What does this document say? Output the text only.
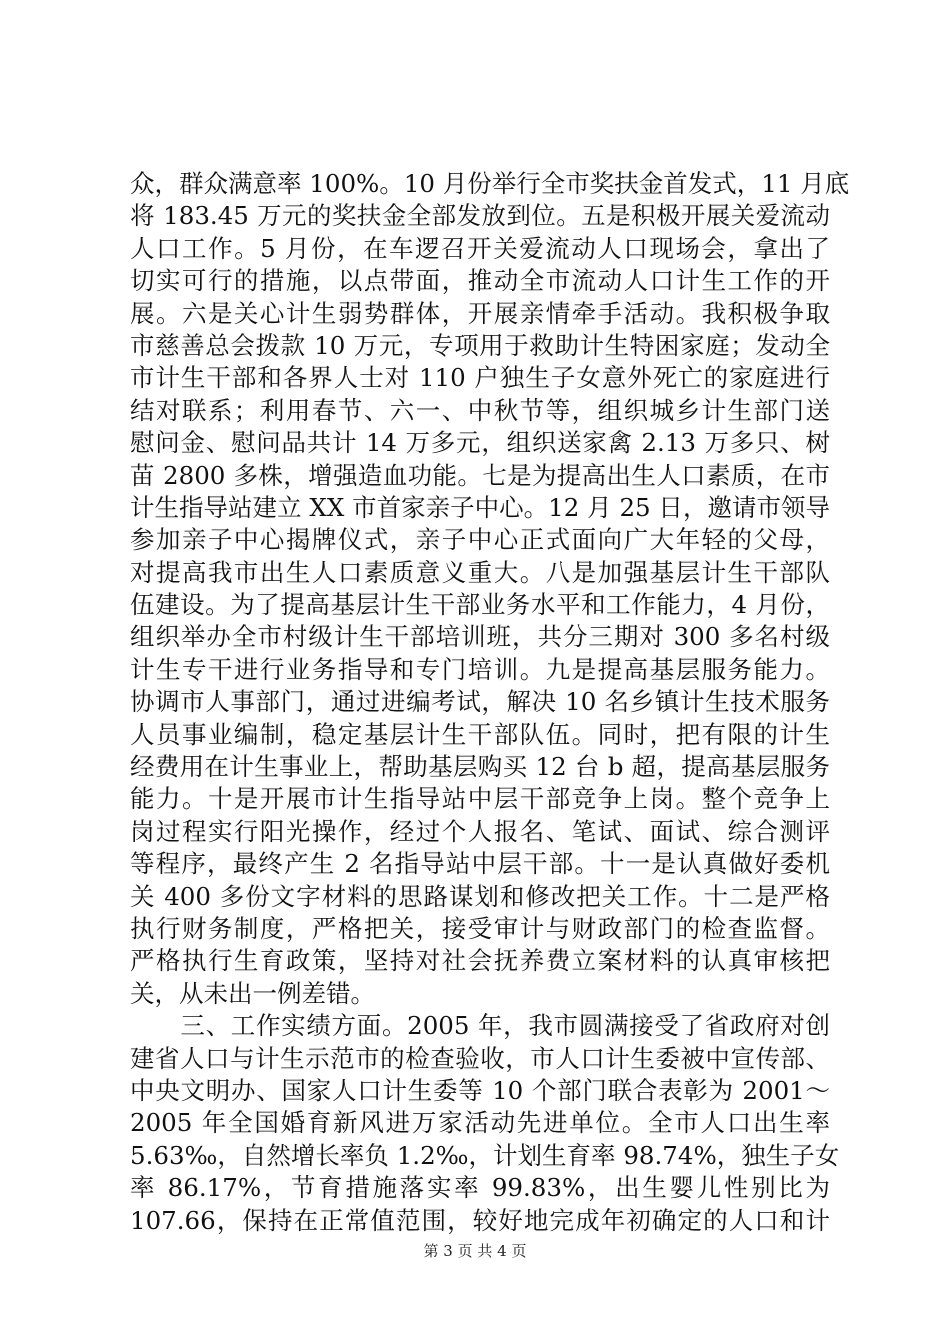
众，群众满意率 100%。10 月份举行全市奖扶金首发式，11 月底
将 183.45 万元的奖扶金全部发放到位。五是积极开展关爱流动
人口工作。5 月份，在车逻召开关爱流动人口现场会，拿出了
切实可行的措施，以点带面，推动全市流动人口计生工作的开
展。六是关心计生弱势群体，开展亲情牵手活动。我积极争取
市慈善总会拨款 10 万元，专项用于救助计生特困家庭；发动全
市计生干部和各界人士对 110 户独生子女意外死亡的家庭进行
结对联系；利用春节、六一、中秋节等，组织城乡计生部门送
慰问金、慰问品共计 14 万多元，组织送家禽 2.13 万多只、树
苗 2800 多株，增强造血功能。七是为提高出生人口素质，在市
计生指导站建立 XX 市首家亲子中心。12 月 25 日，邀请市领导
参加亲子中心揭牌仪式，亲子中心正式面向广大年轻的父母，
对提高我市出生人口素质意义重大。八是加强基层计生干部队
伍建设。为了提高基层计生干部业务水平和工作能力，4 月份，
组织举办全市村级计生干部培训班，共分三期对 300 多名村级
计生专干进行业务指导和专门培训。九是提高基层服务能力。
协调市人事部门，通过进编考试，解决 10 名乡镇计生技术服务
人员事业编制，稳定基层计生干部队伍。同时，把有限的计生
经费用在计生事业上，帮助基层购买 12 台 b 超，提高基层服务
能力。十是开展市计生指导站中层干部竞争上岗。整个竞争上
岗过程实行阳光操作，经过个人报名、笔试、面试、综合测评
等程序，最终产生 2 名指导站中层干部。十一是认真做好委机
关 400 多份文字材料的思路谋划和修改把关工作。十二是严格
执行财务制度，严格把关，接受审计与财政部门的检查监督。
严格执行生育政策，坚持对社会抚养费立案材料的认真审核把
关，从未出一例差错。
　　三、工作实绩方面。2005 年，我市圆满接受了省政府对创
建省人口与计生示范市的检查验收，市人口计生委被中宣传部、
中央文明办、国家人口计生委等 10 个部门联合表彰为 2001～
2005 年全国婚育新风进万家活动先进单位。全市人口出生率
5.63‰，自然增长率负 1.2‰，计划生育率 98.74%，独生子女
率 86.17%，节育措施落实率 99.83%，出生婴儿性别比为
107.66，保持在正常值范围，较好地完成年初确定的人口和计
第 3 页 共 4 页
